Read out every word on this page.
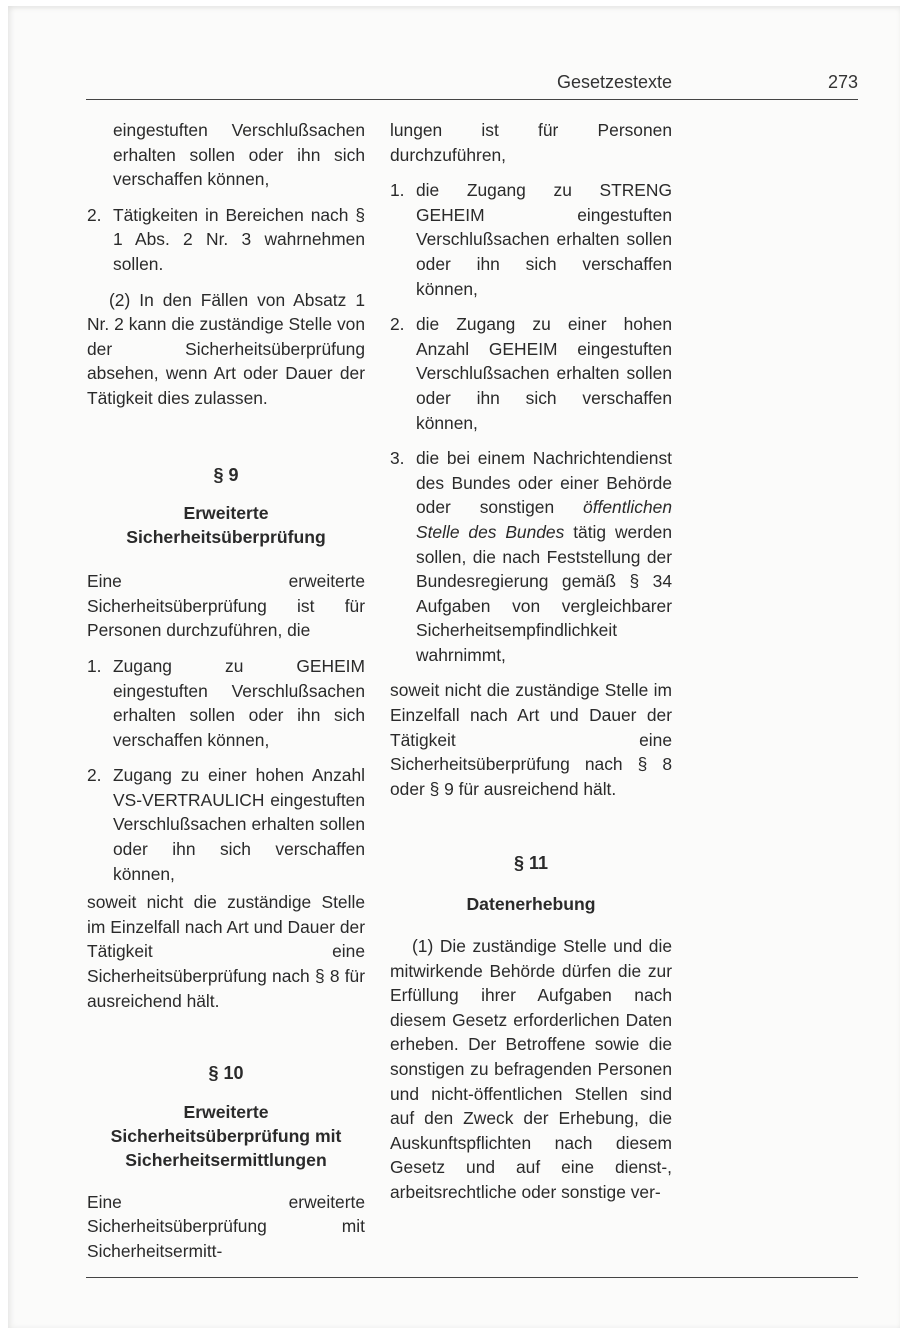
Gesetzestexte	273

eingestuften Verschlußsachen erhalten sollen oder ihn sich verschaffen können,

2. Tätigkeiten in Bereichen nach § 1 Abs. 2 Nr. 3 wahrnehmen sollen.

(2) In den Fällen von Absatz 1 Nr. 2 kann die zuständige Stelle von der Sicherheitsüberprüfung absehen, wenn Art oder Dauer der Tätigkeit dies zulassen.

§ 9

Erweiterte Sicherheitsüberprüfung

Eine erweiterte Sicherheitsüberprüfung ist für Personen durchzuführen, die

1. Zugang zu GEHEIM eingestuften Verschlußsachen erhalten sollen oder ihn sich verschaffen können,
2. Zugang zu einer hohen Anzahl VS-VERTRAULICH eingestuften Verschlußsachen erhalten sollen oder ihn sich verschaffen können,

soweit nicht die zuständige Stelle im Einzelfall nach Art und Dauer der Tätigkeit eine Sicherheitsüberprüfung nach § 8 für ausreichend hält.

§ 10

Erweiterte Sicherheitsüberprüfung mit Sicherheitsermittlungen

Eine erweiterte Sicherheitsüberprüfung mit Sicherheitsermitt-

lungen ist für Personen durchzuführen,

1. die Zugang zu STRENG GEHEIM eingestuften Verschlußsachen erhalten sollen oder ihn sich verschaffen können,
2. die Zugang zu einer hohen Anzahl GEHEIM eingestuften Verschlußsachen erhalten sollen oder ihn sich verschaffen können,
3. die bei einem Nachrichtendienst des Bundes oder einer Behörde oder sonstigen öffentlichen Stelle des Bundes tätig werden sollen, die nach Feststellung der Bundesregierung gemäß § 34 Aufgaben von vergleichbarer Sicherheitsempfindlichkeit wahrnimmt,

soweit nicht die zuständige Stelle im Einzelfall nach Art und Dauer der Tätigkeit eine Sicherheitsüberprüfung nach § 8 oder § 9 für ausreichend hält.

§ 11

Datenerhebung

(1) Die zuständige Stelle und die mitwirkende Behörde dürfen die zur Erfüllung ihrer Aufgaben nach diesem Gesetz erforderlichen Daten erheben. Der Betroffene sowie die sonstigen zu befragenden Personen und nicht-öffentlichen Stellen sind auf den Zweck der Erhebung, die Auskunftspflichten nach diesem Gesetz und auf eine dienst-, arbeitsrechtliche oder sonstige ver-
